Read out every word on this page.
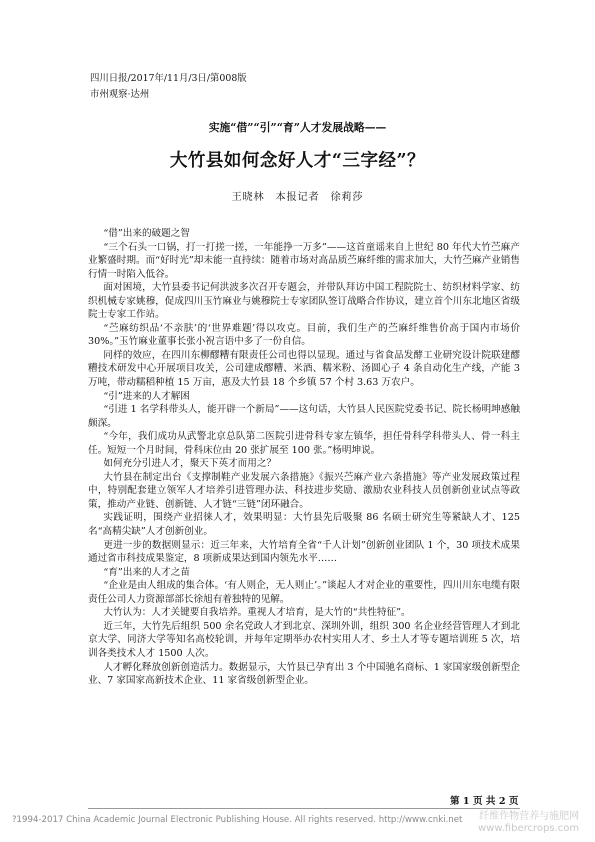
四川日报/2017年/11月/3日/第008版
市州观察·达州
实施“借”“引”“育”人才发展战略——
大竹县如何念好人才“三字经”？
王晓林　本报记者　徐莉莎

“借”出来的破题之智

“三个石头一口锅，打一打搓一搓，一年能挣一万多”——这首童谣来自上世纪 80 年代大竹苎麻产业繁盛时期。而“好时光”却未能一直持续：随着市场对高品质苎麻纤维的需求加大，大竹苎麻产业销售行情一时陷入低谷。

面对困境，大竹县委书记何洪波多次召开专题会，并带队拜访中国工程院院士、纺织材料学家、纺织机械专家姚穆，促成四川玉竹麻业与姚穆院士专家团队签订战略合作协议，建立首个川东北地区省级院士专家工作站。

“苎麻纺织品‘不亲肤’的‘世界难题’得以攻克。目前，我们生产的苎麻纤维售价高于国内市场价 30%。”玉竹麻业董事长张小祝言语中多了一份自信。

同样的效应，在四川东柳醪糟有限责任公司也得以显现。通过与省食品发酵工业研究设计院联建醪糟技术研发中心开展项目攻关，公司建成醪糟、米酒、糯米粉、汤圆心子 4 条自动化生产线，产能 3 万吨，带动糯稻种植 15 万亩，惠及大竹县 18 个乡镇 57 个村 3.63 万农户。

“引”进来的人才解困

“引进 1 名学科带头人，能开辟一个新局”——这句话，大竹县人民医院党委书记、院长杨明坤感触颇深。

“今年，我们成功从武警北京总队第二医院引进骨科专家左镇华，担任骨科学科带头人、骨一科主任。短短一个月时间，骨科床位由 20 张扩展至 100 张。”杨明坤说。

如何充分引进人才，聚天下英才而用之？

大竹县在制定出台《支撑制鞋产业发展六条措施》《振兴苎麻产业六条措施》等产业发展政策过程中，特别配套建立领军人才培养引进管理办法、科技进步奖励、激励农业科技人员创新创业试点等政策，推动产业链、创新链、人才链“三链”闭环融合。

实践证明，围绕产业招徕人才，效果明显：大竹县先后吸聚 86 名硕士研究生等紧缺人才、125 名“高精尖缺”人才创新创业。

更进一步的数据则显示：近三年来，大竹培育全省“千人计划”创新创业团队 1 个，30 项技术成果通过省市科技成果鉴定，8 项新成果达到国内领先水平……

“育”出来的人才之苗

“企业是由人组成的集合体。‘有人则企，无人则止’。”谈起人才对企业的重要性，四川川东电缆有限责任公司人力资源部部长徐旭有着独特的见解。

大竹认为：人才关键要自我培养。重视人才培育，是大竹的“共性特征”。

近三年，大竹先后组织 500 余名党政人才到北京、深圳外训，组织 300 名企业经营管理人才到北京大学、同济大学等知名高校轮训，并每年定期举办农村实用人才、乡土人才等专题培训班 5 次，培训各类技术人才 1500 人次。

人才孵化释放创新创造活力。数据显示，大竹县已孕育出 3 个中国驰名商标、1 家国家级创新型企业、7 家国家高新技术企业、11 家省级创新型企业。

第 1 页 共 2 页
?1994-2017 China Academic Journal Electronic Publishing House. All rights reserved. http://www.cnki.net 纤维作物营养与施肥网
www.fibercrops.com
